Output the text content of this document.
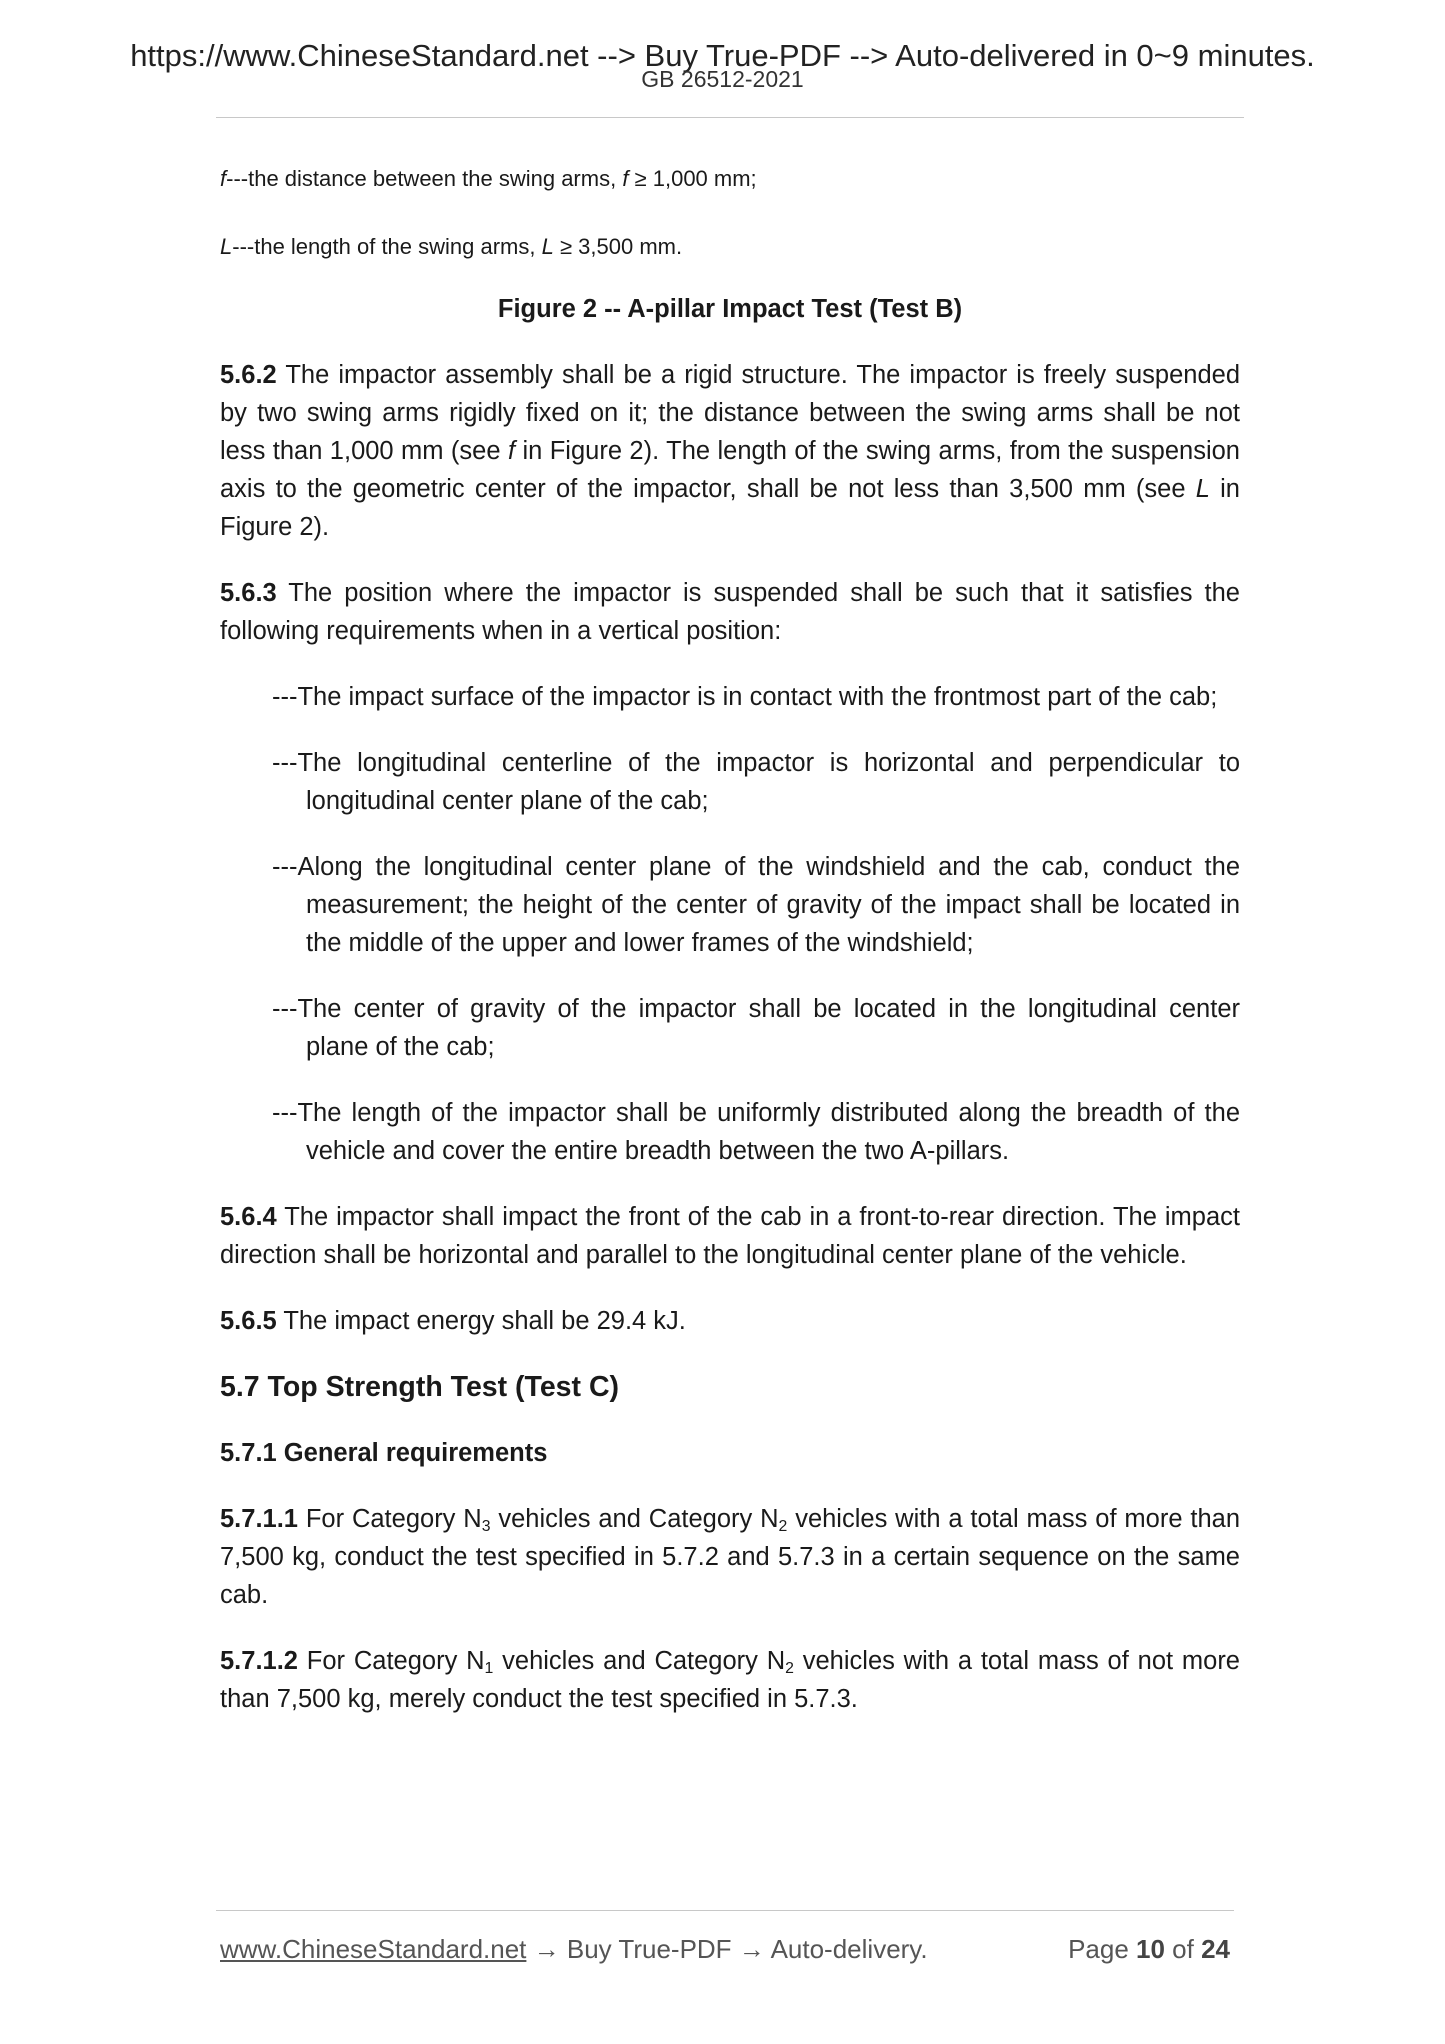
https://www.ChineseStandard.net --> Buy True-PDF --> Auto-delivered in 0~9 minutes.
GB 26512-2021

f---the distance between the swing arms, f ≥ 1,000 mm;

L---the length of the swing arms, L ≥ 3,500 mm.

Figure 2 -- A-pillar Impact Test (Test B)

5.6.2 The impactor assembly shall be a rigid structure. The impactor is freely suspended by two swing arms rigidly fixed on it; the distance between the swing arms shall be not less than 1,000 mm (see f in Figure 2). The length of the swing arms, from the suspension axis to the geometric center of the impactor, shall be not less than 3,500 mm (see L in Figure 2).

5.6.3 The position where the impactor is suspended shall be such that it satisfies the following requirements when in a vertical position:

---The impact surface of the impactor is in contact with the frontmost part of the cab;

---The longitudinal centerline of the impactor is horizontal and perpendicular to longitudinal center plane of the cab;

---Along the longitudinal center plane of the windshield and the cab, conduct the measurement; the height of the center of gravity of the impact shall be located in the middle of the upper and lower frames of the windshield;

---The center of gravity of the impactor shall be located in the longitudinal center plane of the cab;

---The length of the impactor shall be uniformly distributed along the breadth of the vehicle and cover the entire breadth between the two A-pillars.

5.6.4 The impactor shall impact the front of the cab in a front-to-rear direction. The impact direction shall be horizontal and parallel to the longitudinal center plane of the vehicle.

5.6.5 The impact energy shall be 29.4 kJ.

5.7 Top Strength Test (Test C)

5.7.1 General requirements

5.7.1.1 For Category $N_3$ vehicles and Category $N_2$ vehicles with a total mass of more than 7,500 kg, conduct the test specified in 5.7.2 and 5.7.3 in a certain sequence on the same cab.

5.7.1.2 For Category $N_1$ vehicles and Category $N_2$ vehicles with a total mass of not more than 7,500 kg, merely conduct the test specified in 5.7.3.

www.ChineseStandard.net → Buy True-PDF → Auto-delivery.	Page 10 of 24
